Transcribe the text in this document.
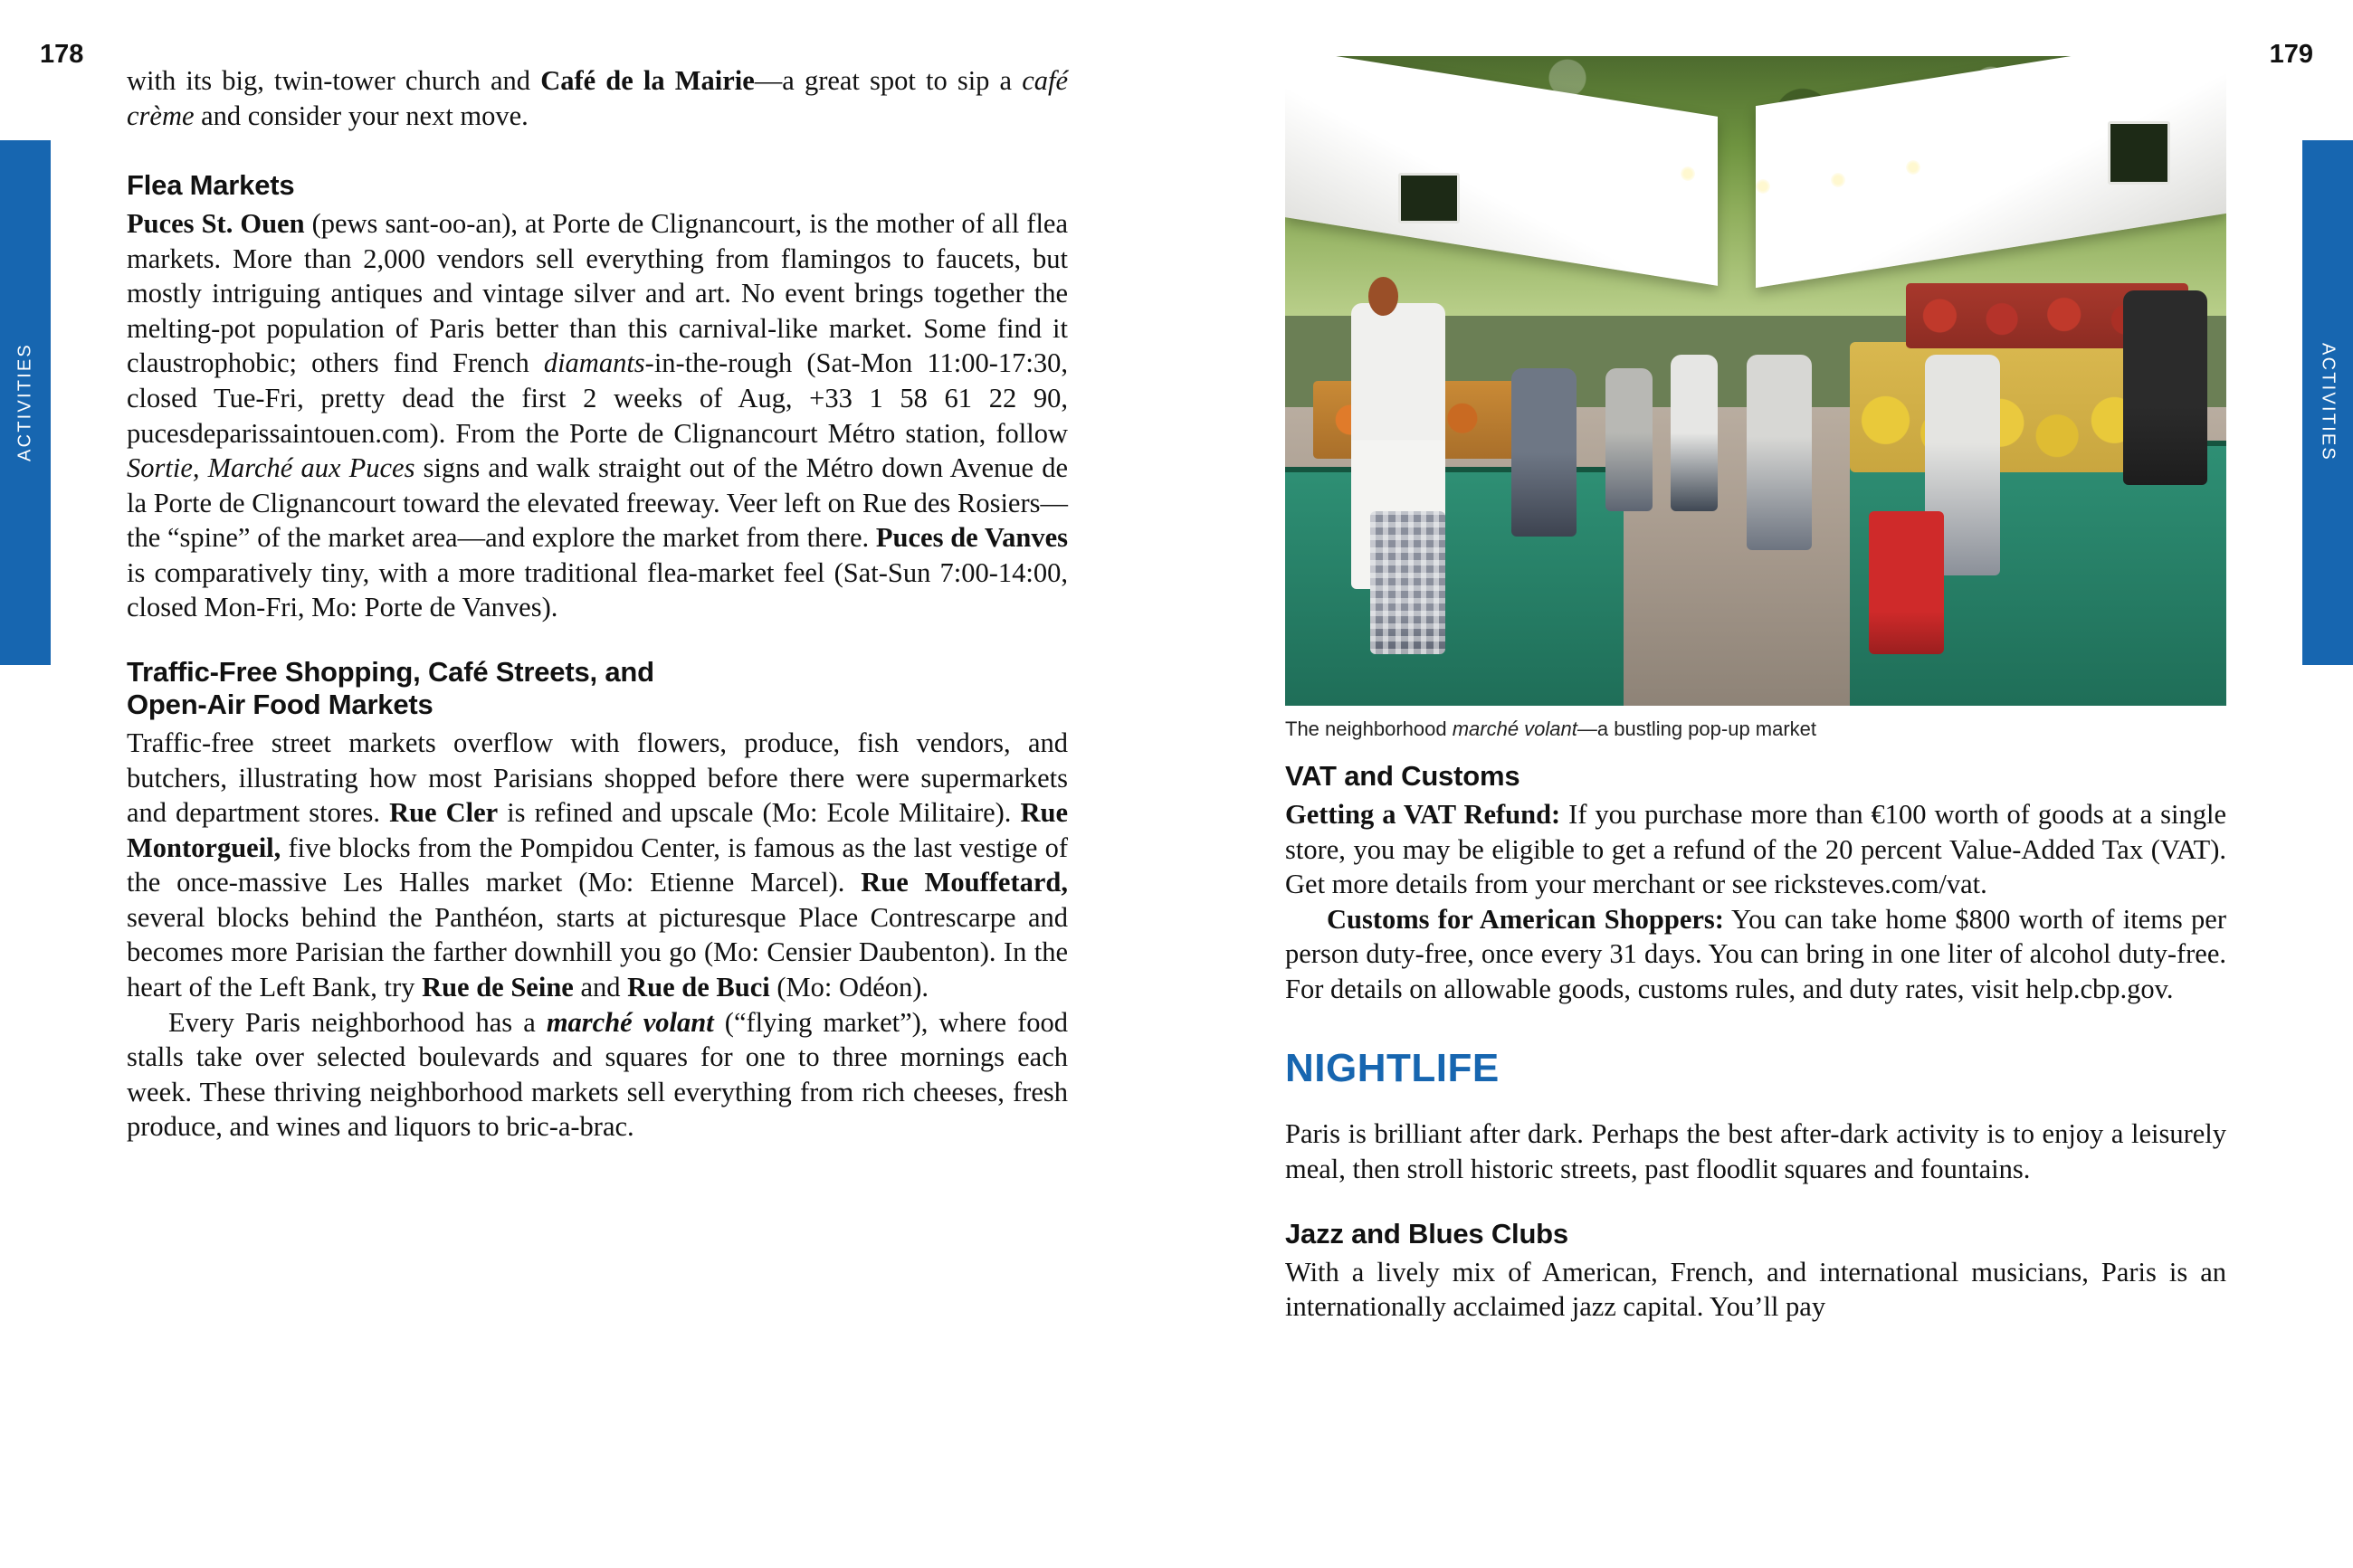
178	179
ACTIVITIES	ACTIVITIES

with its big, twin-tower church and Café de la Mairie—a great spot to sip a café crème and consider your next move.

Flea Markets

Puces St. Ouen (pews sant-oo-an), at Porte de Clignancourt, is the mother of all flea markets. More than 2,000 vendors sell everything from flamingos to faucets, but mostly intriguing antiques and vintage silver and art. No event brings together the melting-pot population of Paris better than this carnival-like market. Some find it claustrophobic; others find French diamants-in-the-rough (Sat-Mon 11:00-17:30, closed Tue-Fri, pretty dead the first 2 weeks of Aug, +33 1 58 61 22 90, pucesdeparissaintouen.com). From the Porte de Clignancourt Métro station, follow Sortie, Marché aux Puces signs and walk straight out of the Métro down Avenue de la Porte de Clignancourt toward the elevated freeway. Veer left on Rue des Rosiers—the “spine” of the market area—and explore the market from there. Puces de Vanves is comparatively tiny, with a more traditional flea-market feel (Sat-Sun 7:00-14:00, closed Mon-Fri, Mo: Porte de Vanves).

Traffic-Free Shopping, Café Streets, and
Open-Air Food Markets

Traffic-free street markets overflow with flowers, produce, fish vendors, and butchers, illustrating how most Parisians shopped before there were supermarkets and department stores. Rue Cler is refined and upscale (Mo: Ecole Militaire). Rue Montorgueil, five blocks from the Pompidou Center, is famous as the last vestige of the once-massive Les Halles market (Mo: Etienne Marcel). Rue Mouffetard, several blocks behind the Panthéon, starts at picturesque Place Contrescarpe and becomes more Parisian the farther downhill you go (Mo: Censier Daubenton). In the heart of the Left Bank, try Rue de Seine and Rue de Buci (Mo: Odéon).

Every Paris neighborhood has a marché volant (“flying market”), where food stalls take over selected boulevards and squares for one to three mornings each week. These thriving neighborhood markets sell everything from rich cheeses, fresh produce, and wines and liquors to bric-a-brac.

The neighborhood marché volant—a bustling pop-up market
VAT and Customs

Getting a VAT Refund: If you purchase more than €100 worth of goods at a single store, you may be eligible to get a refund of the 20 percent Value-Added Tax (VAT). Get more details from your merchant or see ricksteves.com/vat.

Customs for American Shoppers: You can take home $800 worth of items per person duty-free, once every 31 days. You can bring in one liter of alcohol duty-free. For details on allowable goods, customs rules, and duty rates, visit help.cbp.gov.

NIGHTLIFE

Paris is brilliant after dark. Perhaps the best after-dark activity is to enjoy a leisurely meal, then stroll historic streets, past floodlit squares and fountains.

Jazz and Blues Clubs

With a lively mix of American, French, and international musicians, Paris is an internationally acclaimed jazz capital. You’ll pay
